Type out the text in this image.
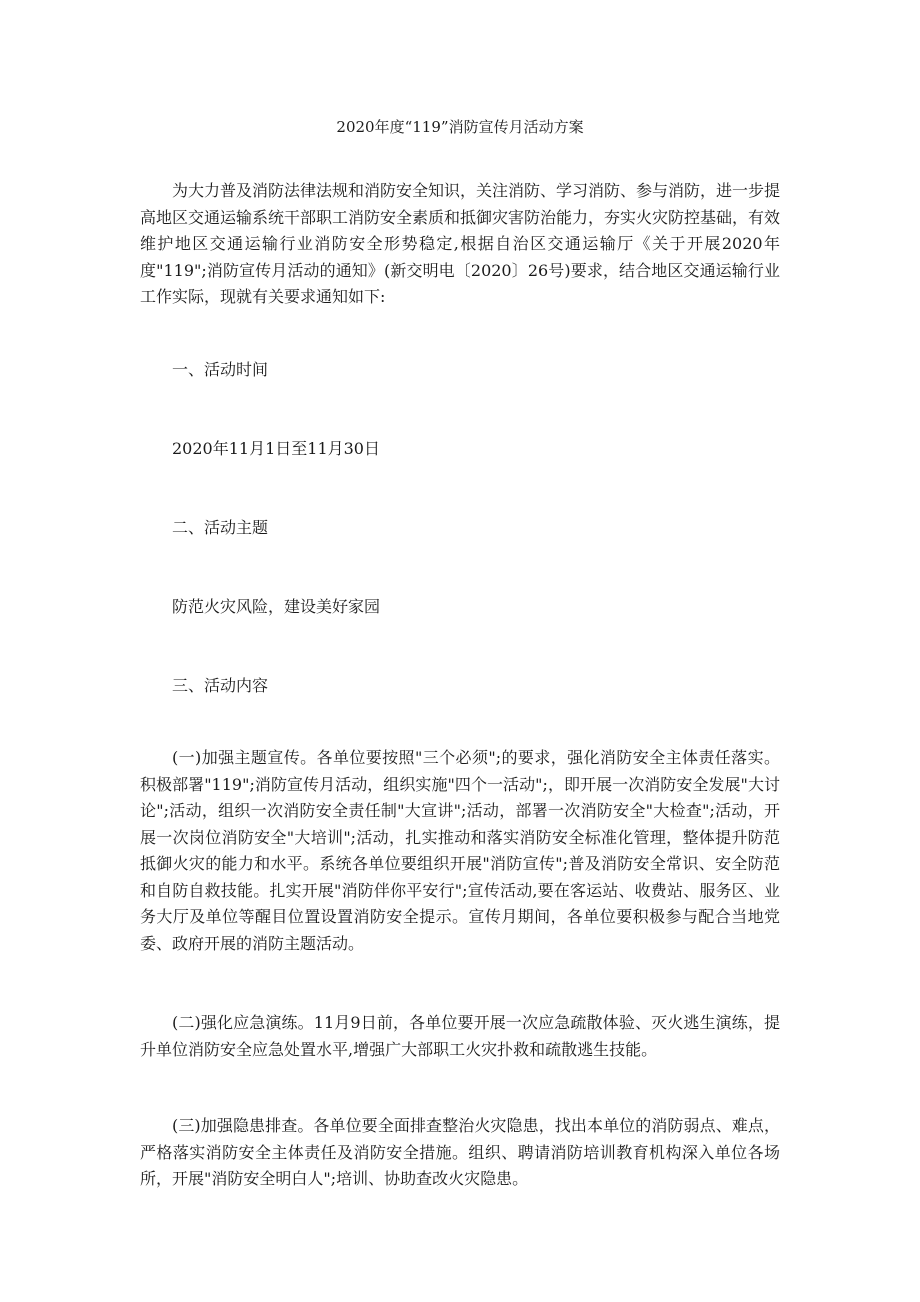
2020年度“119”消防宣传月活动方案

为大力普及消防法律法规和消防安全知识，关注消防、学习消防、参与消防，进一步提高地区交通运输系统干部职工消防安全素质和抵御灾害防治能力，夯实火灾防控基础，有效维护地区交通运输行业消防安全形势稳定,根据自治区交通运输厅《关于开展2020年度"119";消防宣传月活动的通知》(新交明电〔2020〕26号)要求，结合地区交通运输行业工作实际，现就有关要求通知如下:

一、活动时间

2020年11月1日至11月30日

二、活动主题

防范火灾风险，建设美好家园

三、活动内容

(一)加强主题宣传。各单位要按照"三个必须";的要求，强化消防安全主体责任落实。积极部署"119";消防宣传月活动，组织实施"四个一活动";，即开展一次消防安全发展"大讨论";活动，组织一次消防安全责任制"大宣讲";活动，部署一次消防安全"大检查";活动，开展一次岗位消防安全"大培训";活动，扎实推动和落实消防安全标准化管理，整体提升防范抵御火灾的能力和水平。系统各单位要组织开展"消防宣传";普及消防安全常识、安全防范和自防自救技能。扎实开展"消防伴你平安行";宣传活动,要在客运站、收费站、服务区、业务大厅及单位等醒目位置设置消防安全提示。宣传月期间，各单位要积极参与配合当地党委、政府开展的消防主题活动。

(二)强化应急演练。11月9日前，各单位要开展一次应急疏散体验、灭火逃生演练，提升单位消防安全应急处置水平,增强广大部职工火灾扑救和疏散逃生技能。

(三)加强隐患排查。各单位要全面排查整治火灾隐患，找出本单位的消防弱点、难点，严格落实消防安全主体责任及消防安全措施。组织、聘请消防培训教育机构深入单位各场所，开展"消防安全明白人";培训、协助查改火灾隐患。
